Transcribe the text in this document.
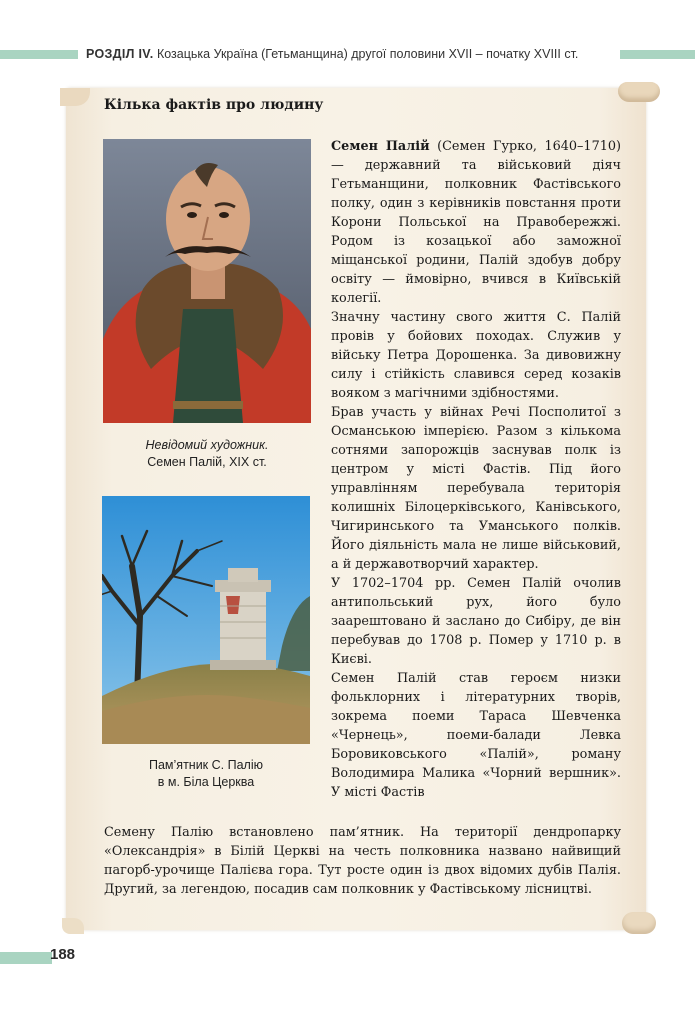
РОЗДІЛ IV. Козацька Україна (Гетьманщина) другої половини XVII – початку XVIII ст.
Кілька фактів про людину
Невідомий художник.
Семен Палій, XIX ст.
Пам’ятник С. Палію
в м. Біла Церква

Семен Палій (Семен Гурко, 1640–1710) — державний та військовий діяч Гетьманщини, полковник Фастівського полку, один з керівників повстання проти Корони Польської на Правобережжі. Родом із козацької або заможної міщанської родини, Палій здобув добру освіту — ймовірно, вчився в Київській колегії.

Значну частину свого життя С. Палій провів у бойових походах. Служив у війську Петра Дорошенка. За дивовижну силу і стійкість славився серед козаків вояком з магічними здібностями.

Брав участь у війнах Речі Посполитої з Османською імперією. Разом з кількома сотнями запорожців заснував полк із центром у місті Фастів. Під його управлінням перебувала територія колишніх Білоцерківського, Канівського, Чигиринського та Уманського полків. Його діяльність мала не лише військовий, а й державотворчий характер.

У 1702–1704 рр. Семен Палій очолив антипольський рух, його було заарештовано й заслано до Сибіру, де він перебував до 1708 р. Помер у 1710 р. в Києві.

Семен Палій став героєм низки фольклорних і літературних творів, зокрема поеми Тараса Шевченка «Чернець», поеми-балади Левка Боровиковського «Палій», роману Володимира Малика «Чорний вершник». У місті Фастів

Семену Палію встановлено пам’ятник. На території дендропарку «Олександрія» в Білій Церкві на честь полковника названо найвищий пагорб-урочище Палієва гора. Тут росте один із двох відомих дубів Палія. Другий, за легендою, посадив сам полковник у Фастівському лісництві.

188
